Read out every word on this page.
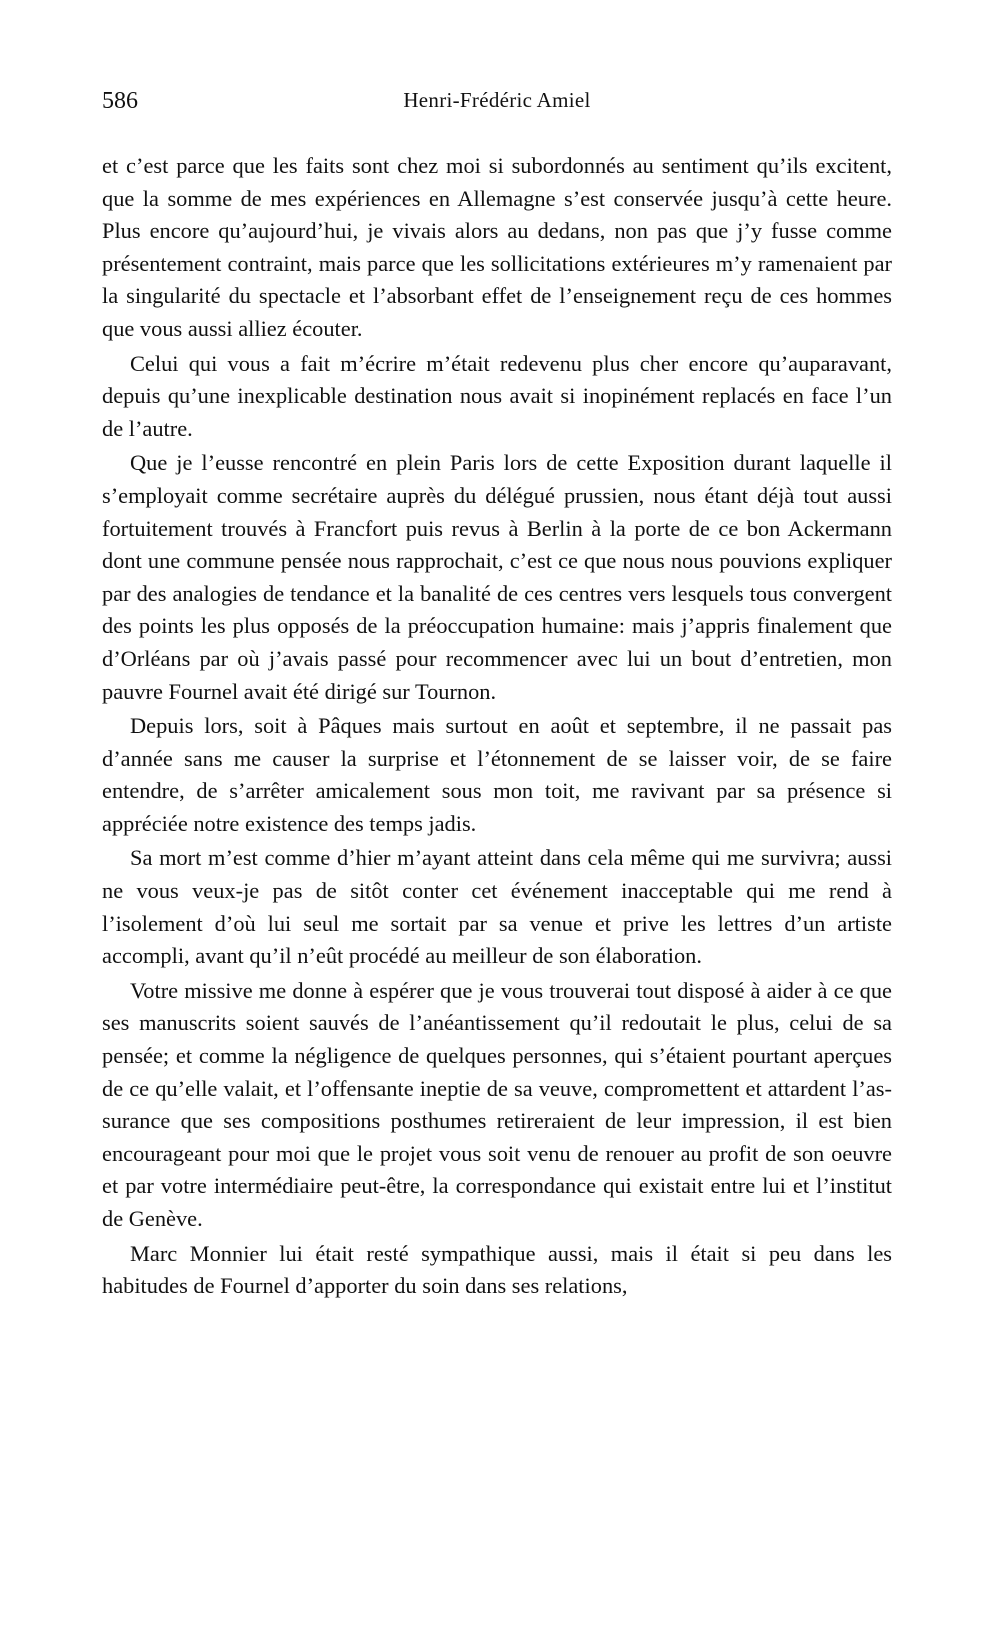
586	Henri-Frédéric Amiel

et c’est parce que les faits sont chez moi si subordonnés au sentiment qu’ils excitent, que la somme de mes expériences en Allemagne s’est conservée jusqu’à cette heure. Plus encore qu’aujourd’hui, je vivais alors au dedans, non pas que j’y fusse comme présentement contraint, mais parce que les sollicitations extérieures m’y ramenaient par la singularité du spectacle et l’absorbant effet de l’enseignement reçu de ces hommes que vous aussi alliez écouter.

Celui qui vous a fait m’écrire m’était redevenu plus cher encore qu’auparavant, depuis qu’une inexplicable destination nous avait si inopinément replacés en face l’un de l’autre.

Que je l’eusse rencontré en plein Paris lors de cette Exposition durant laquelle il s’employait comme secrétaire auprès du délégué prussien, nous étant déjà tout aussi fortuitement trouvés à Francfort puis revus à Berlin à la porte de ce bon Ackermann dont une commune pensée nous rapprochait, c’est ce que nous nous pouvions expliquer par des analogies de tendance et la banalité de ces centres vers lesquels tous convergent des points les plus opposés de la préoccupation humaine: mais j’appris finalement que d’Orléans par où j’avais passé pour recommencer avec lui un bout d’entretien, mon pauvre Fournel avait été dirigé sur Tournon.

Depuis lors, soit à Pâques mais surtout en août et septembre, il ne passait pas d’année sans me causer la surprise et l’étonnement de se laisser voir, de se faire entendre, de s’arrêter amicalement sous mon toit, me ravivant par sa présence si appréciée notre existence des temps jadis.

Sa mort m’est comme d’hier m’ayant atteint dans cela même qui me survivra; aussi ne vous veux-je pas de sitôt conter cet événement inacceptable qui me rend à l’isolement d’où lui seul me sortait par sa venue et prive les lettres d’un artiste accompli, avant qu’il n’eût procédé au meilleur de son élaboration.

Votre missive me donne à espérer que je vous trouverai tout disposé à aider à ce que ses manuscrits soient sauvés de l’anéantissement qu’il redoutait le plus, celui de sa pensée; et comme la négligence de quelques personnes, qui s’étaient pourtant aperçues de ce qu’elle valait, et l’offensante ineptie de sa veuve, compromettent et attardent l’assurance que ses compositions posthumes retireraient de leur impression, il est bien encourageant pour moi que le projet vous soit venu de renouer au profit de son oeuvre et par votre intermédiaire peut-être, la correspondance qui existait entre lui et l’institut de Genève.

Marc Monnier lui était resté sympathique aussi, mais il était si peu dans les habitudes de Fournel d’apporter du soin dans ses relations,
